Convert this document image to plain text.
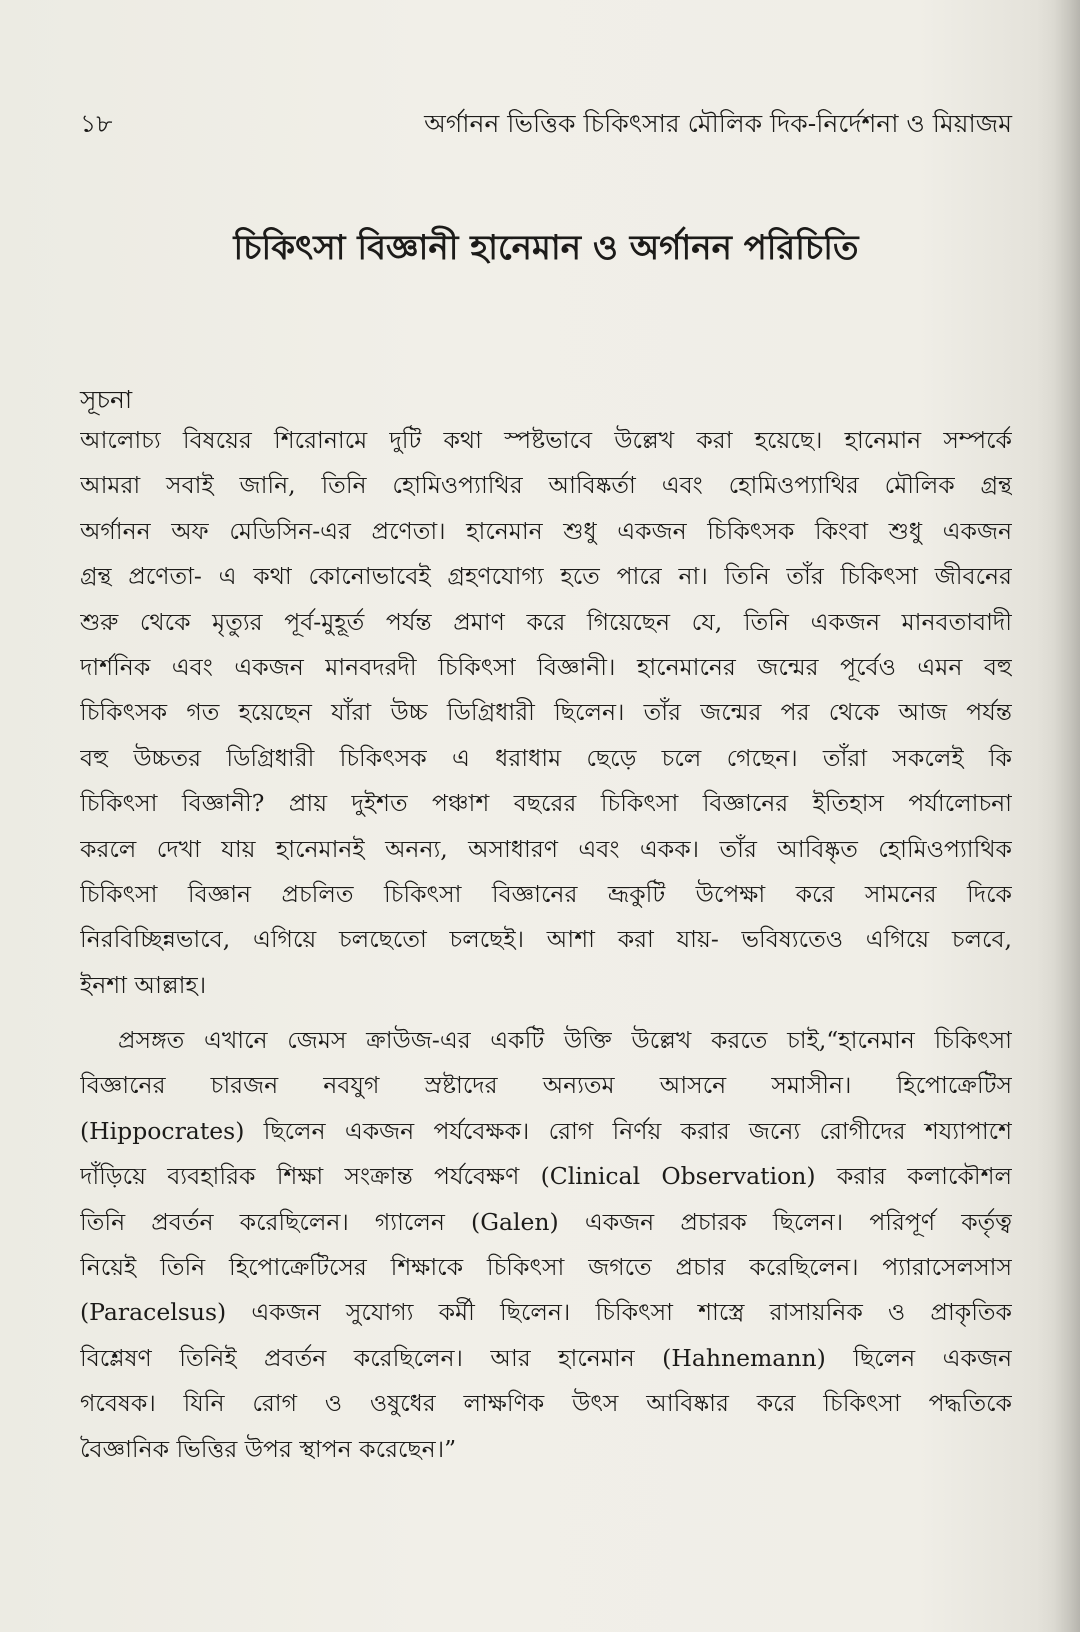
১৮	অর্গানন ভিত্তিক চিকিৎসার মৌলিক দিক-নির্দেশনা ও মিয়াজম
চিকিৎসা বিজ্ঞানী হানেমান ও অর্গানন পরিচিতি
সূচনা
আলোচ্য বিষয়ের শিরোনামে দুটি কথা স্পষ্টভাবে উল্লেখ করা হয়েছে। হানেমান সম্পর্কে
আমরা সবাই জানি, তিনি হোমিওপ্যাথির আবিষ্কর্তা এবং হোমিওপ্যাথির মৌলিক গ্রন্থ
অর্গানন অফ মেডিসিন-এর প্রণেতা। হানেমান শুধু একজন চিকিৎসক কিংবা শুধু একজন
গ্রন্থ প্রণেতা- এ কথা কোনোভাবেই গ্রহণযোগ্য হতে পারে না। তিনি তাঁর চিকিৎসা জীবনের
শুরু থেকে মৃত্যুর পূর্ব-মুহূর্ত পর্যন্ত প্রমাণ করে গিয়েছেন যে, তিনি একজন মানবতাবাদী
দার্শনিক এবং একজন মানবদরদী চিকিৎসা বিজ্ঞানী। হানেমানের জন্মের পূর্বেও এমন বহু
চিকিৎসক গত হয়েছেন যাঁরা উচ্চ ডিগ্রিধারী ছিলেন। তাঁর জন্মের পর থেকে আজ পর্যন্ত
বহু উচ্চতর ডিগ্রিধারী চিকিৎসক এ ধরাধাম ছেড়ে চলে গেছেন। তাঁরা সকলেই কি
চিকিৎসা বিজ্ঞানী? প্রায় দুইশত পঞ্চাশ বছরের চিকিৎসা বিজ্ঞানের ইতিহাস পর্যালোচনা
করলে দেখা যায় হানেমানই অনন্য, অসাধারণ এবং একক। তাঁর আবিষ্কৃত হোমিওপ্যাথিক
চিকিৎসা বিজ্ঞান প্রচলিত চিকিৎসা বিজ্ঞানের ভ্রূকুটি উপেক্ষা করে সামনের দিকে
নিরবিচ্ছিন্নভাবে, এগিয়ে চলছেতো চলছেই। আশা করা যায়- ভবিষ্যতেও এগিয়ে চলবে,
ইনশা আল্লাহ।
প্রসঙ্গত এখানে জেমস ক্রাউজ-এর একটি উক্তি উল্লেখ করতে চাই,“হানেমান চিকিৎসা
বিজ্ঞানের চারজন নবযুগ স্রষ্টাদের অন্যতম আসনে সমাসীন। হিপোক্রেটিস
(Hippocrates) ছিলেন একজন পর্যবেক্ষক। রোগ নির্ণয় করার জন্যে রোগীদের শয্যাপাশে
দাঁড়িয়ে ব্যবহারিক শিক্ষা সংক্রান্ত পর্যবেক্ষণ (Clinical Observation) করার কলাকৌশল
তিনি প্রবর্তন করেছিলেন। গ্যালেন (Galen) একজন প্রচারক ছিলেন। পরিপূর্ণ কর্তৃত্ব
নিয়েই তিনি হিপোক্রেটিসের শিক্ষাকে চিকিৎসা জগতে প্রচার করেছিলেন। প্যারাসেলসাস
(Paracelsus) একজন সুযোগ্য কর্মী ছিলেন। চিকিৎসা শাস্ত্রে রাসায়নিক ও প্রাকৃতিক
বিশ্লেষণ তিনিই প্রবর্তন করেছিলেন। আর হানেমান (Hahnemann) ছিলেন একজন
গবেষক। যিনি রোগ ও ওষুধের লাক্ষণিক উৎস আবিষ্কার করে চিকিৎসা পদ্ধতিকে
বৈজ্ঞানিক ভিত্তির উপর স্থাপন করেছেন।”
